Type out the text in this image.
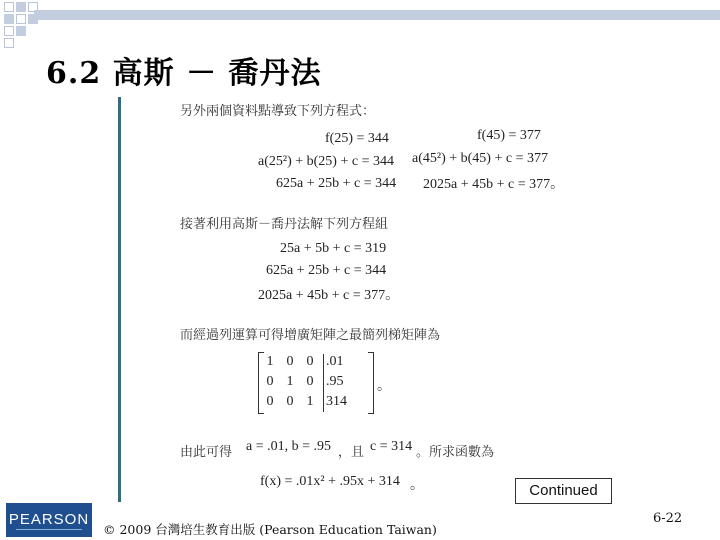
6.2 高斯 － 喬丹法
另外兩個資料點導致下列方程式：
f(25) = 344
a(25²) + b(25) + c = 344
625a + 25b + c = 344
f(45) = 377
a(45²) + b(45) + c = 377
2025a + 45b + c = 377。
接著利用高斯－喬丹法解下列方程組
25a + 5b + c = 319
625a + 25b + c = 344
2025a + 45b + c = 377。
而經過列運算可得增廣矩陣之最簡列梯矩陣為
1 0 0 .01
0 1 0 .95
0 0 1 314
。
由此可得 a = .01, b = .95 ，且 c = 314 。所求函數為
f(x) = .01x² + .95x + 314 。	Continued
PEARSON
© 2009 台灣培生教育出版 (Pearson Education Taiwan)
6-22
